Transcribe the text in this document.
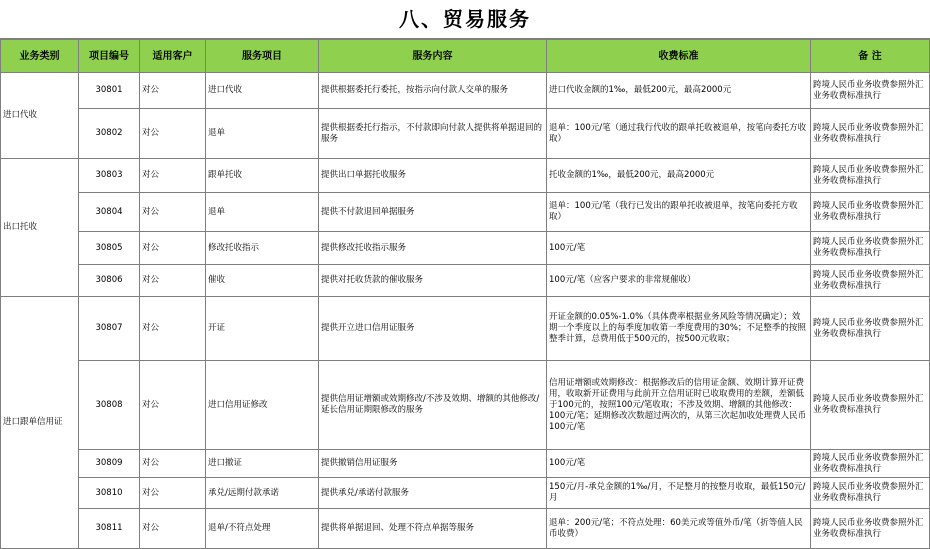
八、贸易服务
业务类别	项目编号	适用客户	服务项目	服务内容	收费标准	备 注
进口代收	30801	对公	进口代收	提供根据委托行委托，按指示向付款人交单的服务	进口代收金额的1‰，最低200元，最高2000元	跨境人民币业务收费参照外汇业务收费标准执行
	30802	对公	退单	提供根据委托行指示，不付款即向付款人提供将单据退回的服务	退单：100元/笔（通过我行代收的跟单托收被退单，按笔向委托方收取）	跨境人民币业务收费参照外汇业务收费标准执行
出口托收	30803	对公	跟单托收	提供出口单据托收服务	托收金额的1‰，最低200元，最高2000元	跨境人民币业务收费参照外汇业务收费标准执行
	30804	对公	退单	提供不付款退回单据服务	退单：100元/笔（我行已发出的跟单托收被退单，按笔向委托方收取）	跨境人民币业务收费参照外汇业务收费标准执行
	30805	对公	修改托收指示	提供修改托收指示服务	100元/笔	跨境人民币业务收费参照外汇业务收费标准执行
	30806	对公	催收	提供对托收货款的催收服务	100元/笔（应客户要求的非常规催收）	跨境人民币业务收费参照外汇业务收费标准执行
进口跟单信用证	30807	对公	开证	提供开立进口信用证服务	开证金额的0.05%-1.0%（具体费率根据业务风险等情况确定）；效期一个季度以上的每季度加收第一季度费用的30%；不足整季的按照整季计算，总费用低于500元的，按500元收取；	跨境人民币业务收费参照外汇业务收费标准执行
	30808	对公	进口信用证修改	提供信用证增额或效期修改/不涉及效期、增额的其他修改/延长信用证期限修改的服务	信用证增额或效期修改：根据修改后的信用证金额、效期计算开证费用，收取新开证费用与此前开立信用证时已收取费用的差额，差额低于100元的，按照100元/笔收取；不涉及效期、增额的其他修改：100元/笔；延期修改次数超过两次的，从第三次起加收处理费人民币100元/笔	跨境人民币业务收费参照外汇业务收费标准执行
	30809	对公	进口撤证	提供撤销信用证服务	100元/笔	跨境人民币业务收费参照外汇业务收费标准执行
	30810	对公	承兑/远期付款承诺	提供承兑/承诺付款服务	150元/月-承兑金额的1‰/月，不足整月的按整月收取，最低150元/月	跨境人民币业务收费参照外汇业务收费标准执行
	30811	对公	退单/不符点处理	提供将单据退回、处理不符点单据等服务	退单：200元/笔；不符点处理：60美元或等值外币/笔（折等值人民币收费）	跨境人民币业务收费参照外汇业务收费标准执行
